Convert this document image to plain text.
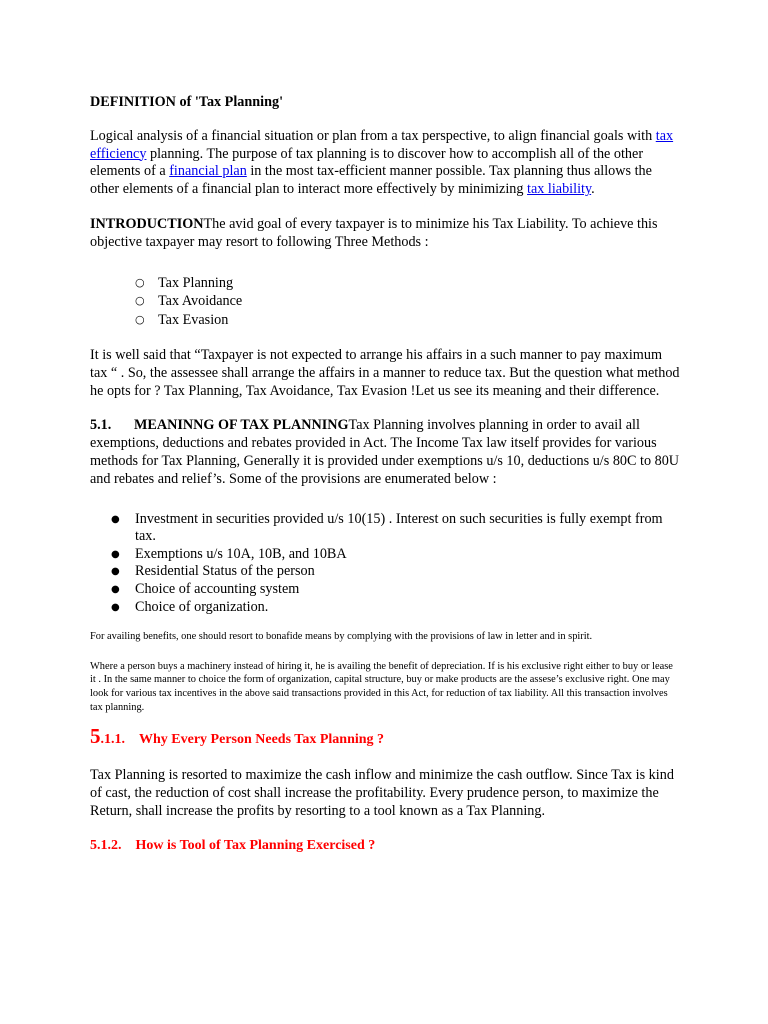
DEFINITION of 'Tax Planning'

Logical analysis of a financial situation or plan from a tax perspective, to align financial goals with tax efficiency planning. The purpose of tax planning is to discover how to accomplish all of the other elements of a financial plan in the most tax-efficient manner possible. Tax planning thus allows the other elements of a financial plan to interact more effectively by minimizing tax liability.

INTRODUCTIONThe avid goal of every taxpayer is to minimize his Tax Liability. To achieve this objective taxpayer may resort to following Three Methods :

○ Tax Planning
○ Tax Avoidance
○ Tax Evasion

It is well said that “Taxpayer is not expected to arrange his affairs in a such manner to pay maximum tax “ . So, the assessee shall arrange the affairs in a manner to reduce tax. But the question what method he opts for ? Tax Planning, Tax Avoidance, Tax Evasion !Let us see its meaning and their difference.

5.1. MEANINNG OF TAX PLANNINGTax Planning involves planning in order to avail all exemptions, deductions and rebates provided in Act. The Income Tax law itself provides for various methods for Tax Planning, Generally it is provided under exemptions u/s 10, deductions u/s 80C to 80U and rebates and relief’s. Some of the provisions are enumerated below :

● Investment in securities provided u/s 10(15) . Interest on such securities is fully exempt from tax.
● Exemptions u/s 10A, 10B, and 10BA
● Residential Status of the person
● Choice of accounting system
● Choice of organization.

For availing benefits, one should resort to bonafide means by complying with the provisions of law in letter and in spirit.

Where a person buys a machinery instead of hiring it, he is availing the benefit of depreciation. If is his exclusive right either to buy or lease it . In the same manner to choice the form of organization, capital structure, buy or make products are the assese’s exclusive right. One may look for various tax incentives in the above said transactions provided in this Act, for reduction of tax liability. All this transaction involves tax planning.

5.1.1. Why Every Person Needs Tax Planning ?

Tax Planning is resorted to maximize the cash inflow and minimize the cash outflow. Since Tax is kind of cast, the reduction of cost shall increase the profitability. Every prudence person, to maximize the Return, shall increase the profits by resorting to a tool known as a Tax Planning.

5.1.2. How is Tool of Tax Planning Exercised ?
